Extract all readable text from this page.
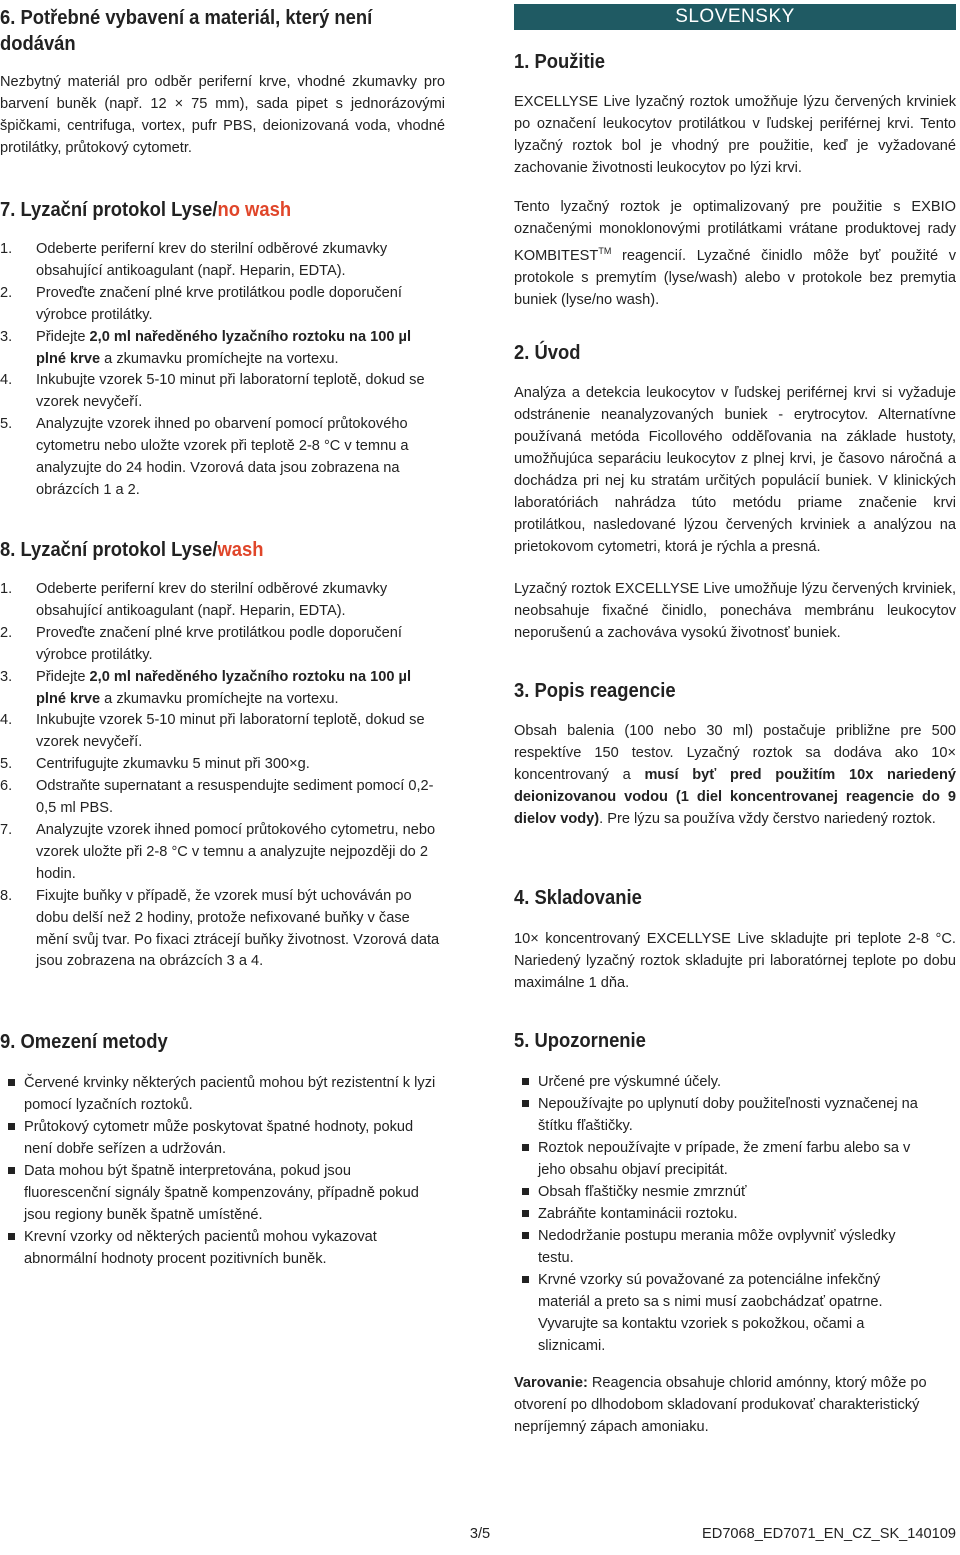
6. Potřebné vybavení a materiál, který není dodáván

Nezbytný materiál pro odběr periferní krve, vhodné zkumavky pro barvení buněk (např. 12 × 75 mm), sada pipet s jednorázovými špičkami, centrifuga, vortex, pufr PBS, deionizovaná voda, vhodné protilátky, průtokový cytometr.

7. Lyzační protokol Lyse/no wash
1. Odeberte periferní krev do sterilní odběrové zkumavky obsahující antikoagulant (např. Heparin, EDTA).
2. Proveďte značení plné krve protilátkou podle doporučení výrobce protilátky.
3. Přidejte 2,0 ml naředěného lyzačního roztoku na 100 µl plné krve a zkumavku promíchejte na vortexu.
4. Inkubujte vzorek 5-10 minut při laboratorní teplotě, dokud se vzorek nevyčeří.
5. Analyzujte vzorek ihned po obarvení pomocí průtokového cytometru nebo uložte vzorek při teplotě 2-8 °C v temnu a analyzujte do 24 hodin. Vzorová data jsou zobrazena na obrázcích 1 a 2.
8. Lyzační protokol Lyse/wash
1. Odeberte periferní krev do sterilní odběrové zkumavky obsahující antikoagulant (např. Heparin, EDTA).
2. Proveďte značení plné krve protilátkou podle doporučení výrobce protilátky.
3. Přidejte 2,0 ml naředěného lyzačního roztoku na 100 µl plné krve a zkumavku promíchejte na vortexu.
4. Inkubujte vzorek 5-10 minut při laboratorní teplotě, dokud se vzorek nevyčeří.
5. Centrifugujte zkumavku 5 minut při 300×g.
6. Odstraňte supernatant a resuspendujte sediment pomocí 0,2-0,5 ml PBS.
7. Analyzujte vzorek ihned pomocí průtokového cytometru, nebo vzorek uložte při 2-8 °C v temnu a analyzujte nejpozději do 2 hodin.
8. Fixujte buňky v případě, že vzorek musí být uchováván po dobu delší než 2 hodiny, protože nefixované buňky v čase mění svůj tvar. Po fixaci ztrácejí buňky životnost. Vzorová data jsou zobrazena na obrázcích 3 a 4.
9. Omezení metody
Červené krvinky některých pacientů mohou být rezistentní k lyzi pomocí lyzačních roztoků.
Průtokový cytometr může poskytovat špatné hodnoty, pokud není dobře seřízen a udržován.
Data mohou být špatně interpretována, pokud jsou fluorescenční signály špatně kompenzovány, případně pokud jsou regiony buněk špatně umístěné.
Krevní vzorky od některých pacientů mohou vykazovat abnormální hodnoty procent pozitivních buněk.
SLOVENSKY
1. Použitie

EXCELLYSE Live lyzačný roztok umožňuje lýzu červených krviniek po označení leukocytov protilátkou v ľudskej periférnej krvi. Tento lyzačný roztok bol je vhodný pre použitie, keď je vyžadované zachovanie životnosti leukocytov po lýzi krvi.

Tento lyzačný roztok je optimalizovaný pre použitie s EXBIO označenými monoklonovými protilátkami vrátane produktovej rady KOMBITEST™ reagencií. Lyzačné činidlo môže byť použité v protokole s premytím (lyse/wash) alebo v protokole bez premytia buniek (lyse/no wash).

2. Úvod

Analýza a detekcia leukocytov v ľudskej periférnej krvi si vyžaduje odstránenie neanalyzovaných buniek - erytrocytov. Alternatívne používaná metóda Ficollového odděľovania na základe hustoty, umožňujúca separáciu leukocytov z plnej krvi, je časovo náročná a dochádza pri nej ku stratám určitých populácií buniek. V klinických laboratóriách nahrádza túto metódu priame značenie krvi protilátkou, nasledované lýzou červených krviniek a analýzou na prietokovom cytometri, ktorá je rýchla a presná.

Lyzačný roztok EXCELLYSE Live umožňuje lýzu červených krviniek, neobsahuje fixačné činidlo, ponecháva membránu leukocytov neporušenú a zachováva vysokú životnosť buniek.

3. Popis reagencie

Obsah balenia (100 nebo 30 ml) postačuje približne pre 500 respektíve 150 testov. Lyzačný roztok sa dodáva ako 10× koncentrovaný a musí byť pred použitím 10x nariedený deionizovanou vodou (1 diel koncentrovanej reagencie do 9 dielov vody). Pre lýzu sa používa vždy čerstvo nariedený roztok.

4. Skladovanie

10× koncentrovaný EXCELLYSE Live skladujte pri teplote 2-8 °C. Nariedený lyzačný roztok skladujte pri laboratórnej teplote po dobu maximálne 1 dňa.

5. Upozornenie
Určené pre výskumné účely.
Nepoužívajte po uplynutí doby použiteľnosti vyznačenej na štítku fľaštičky.
Roztok nepoužívajte v prípade, že zmení farbu alebo sa v jeho obsahu objaví precipitát.
Obsah fľaštičky nesmie zmrznúť
Zabráňte kontaminácii roztoku.
Nedodržanie postupu merania môže ovplyvniť výsledky testu.
Krvné vzorky sú považované za potenciálne infekčný materiál a preto sa s nimi musí zaobchádzať opatrne. Vyvarujte sa kontaktu vzoriek s pokožkou, očami a sliznicami.

Varovanie: Reagencia obsahuje chlorid amónny, ktorý môže po otvorení po dlhodobom skladovaní produkovať charakteristický nepríjemný zápach amoniaku.

3/5	ED7068_ED7071_EN_CZ_SK_140109
